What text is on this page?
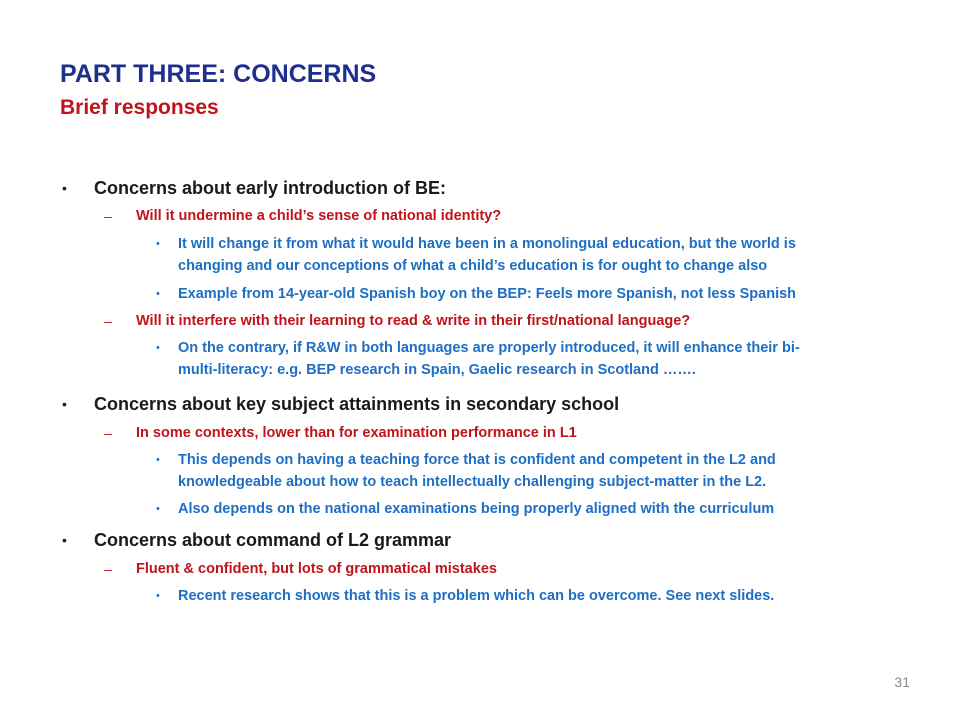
PART THREE: CONCERNS
Brief responses
• Concerns about early introduction of BE:
– Will it undermine a child’s sense of national identity?
• It will change it from what it would have been in a monolingual education, but the world is
changing and our conceptions of what a child’s education is for ought to change also
• Example from 14-year-old Spanish boy on the BEP: Feels more Spanish, not less Spanish
– Will it interfere with their learning to read & write in their first/national language?
• On the contrary, if R&W in both languages are properly introduced, it will enhance their bi-
multi-literacy: e.g. BEP research in Spain, Gaelic research in Scotland …….
• Concerns about key subject attainments in secondary school
– In some contexts, lower than for examination performance in L1
• This depends on having a teaching force that is confident and competent in the L2 and
knowledgeable about how to teach intellectually challenging subject-matter in the L2.
• Also depends on the national examinations being properly aligned with the curriculum
• Concerns about command of L2 grammar
– Fluent & confident, but lots of grammatical mistakes
• Recent research shows that this is a problem which can be overcome. See next slides.
31
